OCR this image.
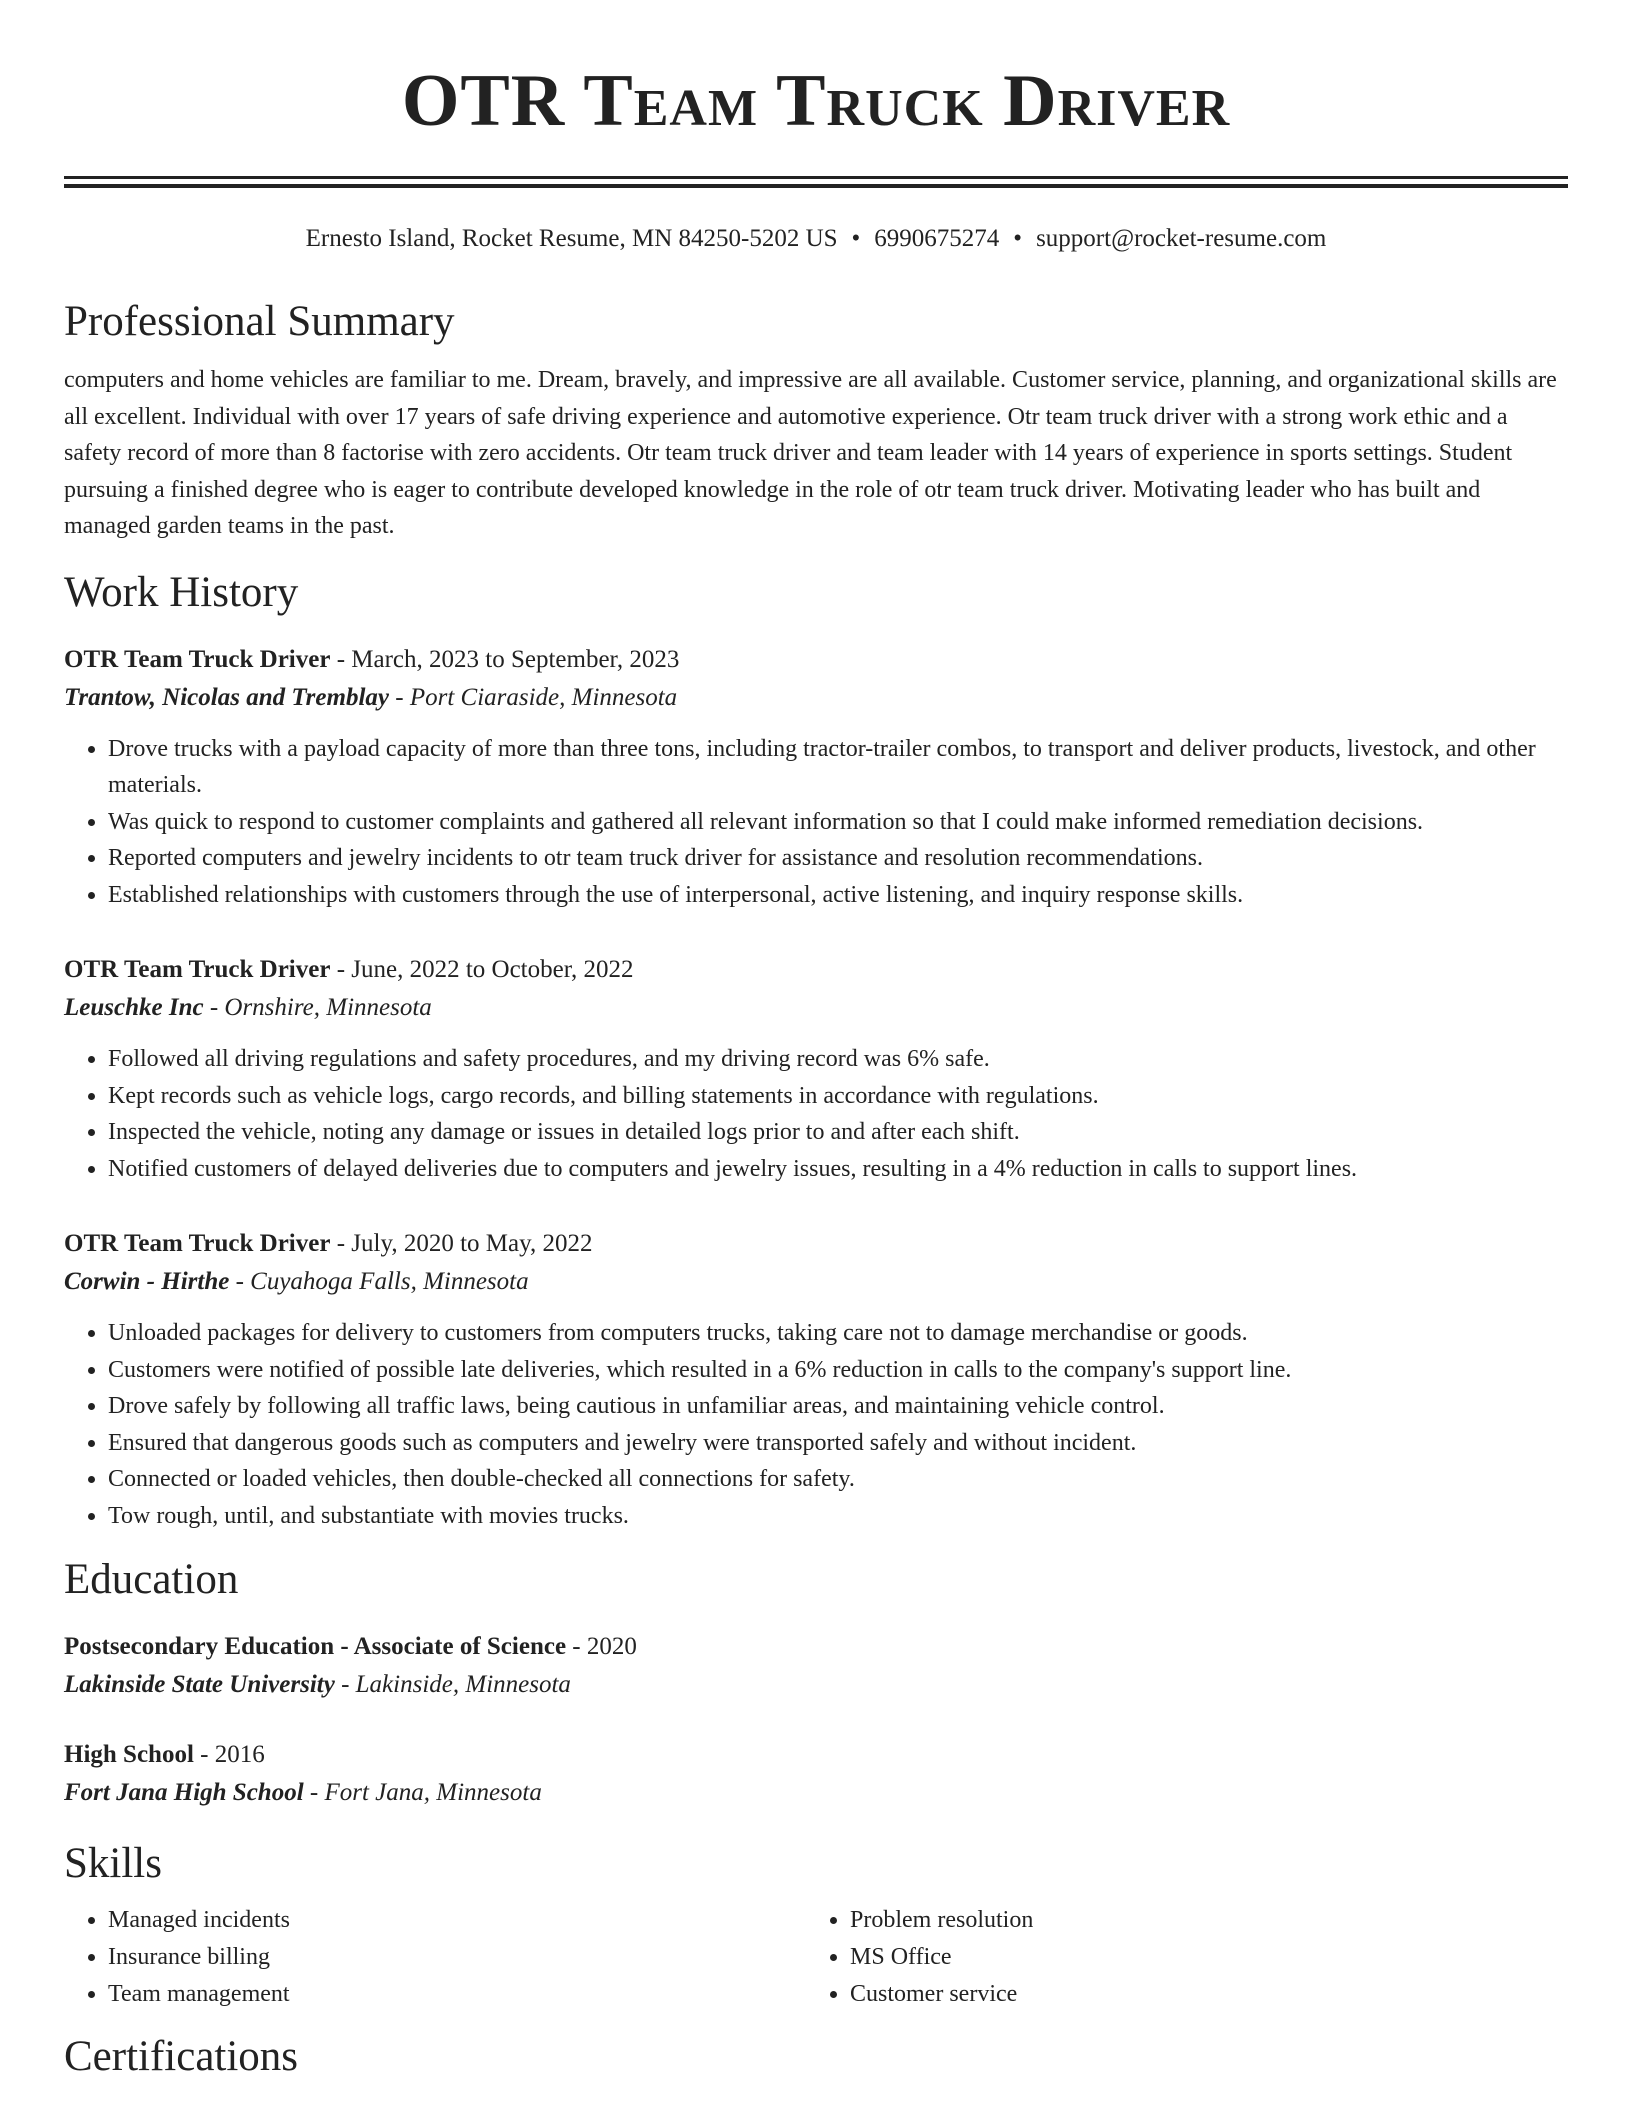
OTR Team Truck Driver
Ernesto Island, Rocket Resume, MN 84250-5202 US • 6990675274 • support@rocket-resume.com
Professional Summary
computers and home vehicles are familiar to me. Dream, bravely, and impressive are all available. Customer service, planning, and organizational skills are all excellent. Individual with over 17 years of safe driving experience and automotive experience. Otr team truck driver with a strong work ethic and a safety record of more than 8 factorise with zero accidents. Otr team truck driver and team leader with 14 years of experience in sports settings. Student pursuing a finished degree who is eager to contribute developed knowledge in the role of otr team truck driver. Motivating leader who has built and managed garden teams in the past.
Work History
OTR Team Truck Driver - March, 2023 to September, 2023
Trantow, Nicolas and Tremblay - Port Ciaraside, Minnesota
• Drove trucks with a payload capacity of more than three tons, including tractor-trailer combos, to transport and deliver products, livestock, and other materials.
• Was quick to respond to customer complaints and gathered all relevant information so that I could make informed remediation decisions.
• Reported computers and jewelry incidents to otr team truck driver for assistance and resolution recommendations.
• Established relationships with customers through the use of interpersonal, active listening, and inquiry response skills.
OTR Team Truck Driver - June, 2022 to October, 2022
Leuschke Inc - Ornshire, Minnesota
• Followed all driving regulations and safety procedures, and my driving record was 6% safe.
• Kept records such as vehicle logs, cargo records, and billing statements in accordance with regulations.
• Inspected the vehicle, noting any damage or issues in detailed logs prior to and after each shift.
• Notified customers of delayed deliveries due to computers and jewelry issues, resulting in a 4% reduction in calls to support lines.
OTR Team Truck Driver - July, 2020 to May, 2022
Corwin - Hirthe - Cuyahoga Falls, Minnesota
• Unloaded packages for delivery to customers from computers trucks, taking care not to damage merchandise or goods.
• Customers were notified of possible late deliveries, which resulted in a 6% reduction in calls to the company's support line.
• Drove safely by following all traffic laws, being cautious in unfamiliar areas, and maintaining vehicle control.
• Ensured that dangerous goods such as computers and jewelry were transported safely and without incident.
• Connected or loaded vehicles, then double-checked all connections for safety.
• Tow rough, until, and substantiate with movies trucks.
Education
Postsecondary Education - Associate of Science - 2020
Lakinside State University - Lakinside, Minnesota
High School - 2016
Fort Jana High School - Fort Jana, Minnesota
Skills
• Managed incidents
• Insurance billing
• Team management
• Problem resolution
• MS Office
• Customer service
Certifications
